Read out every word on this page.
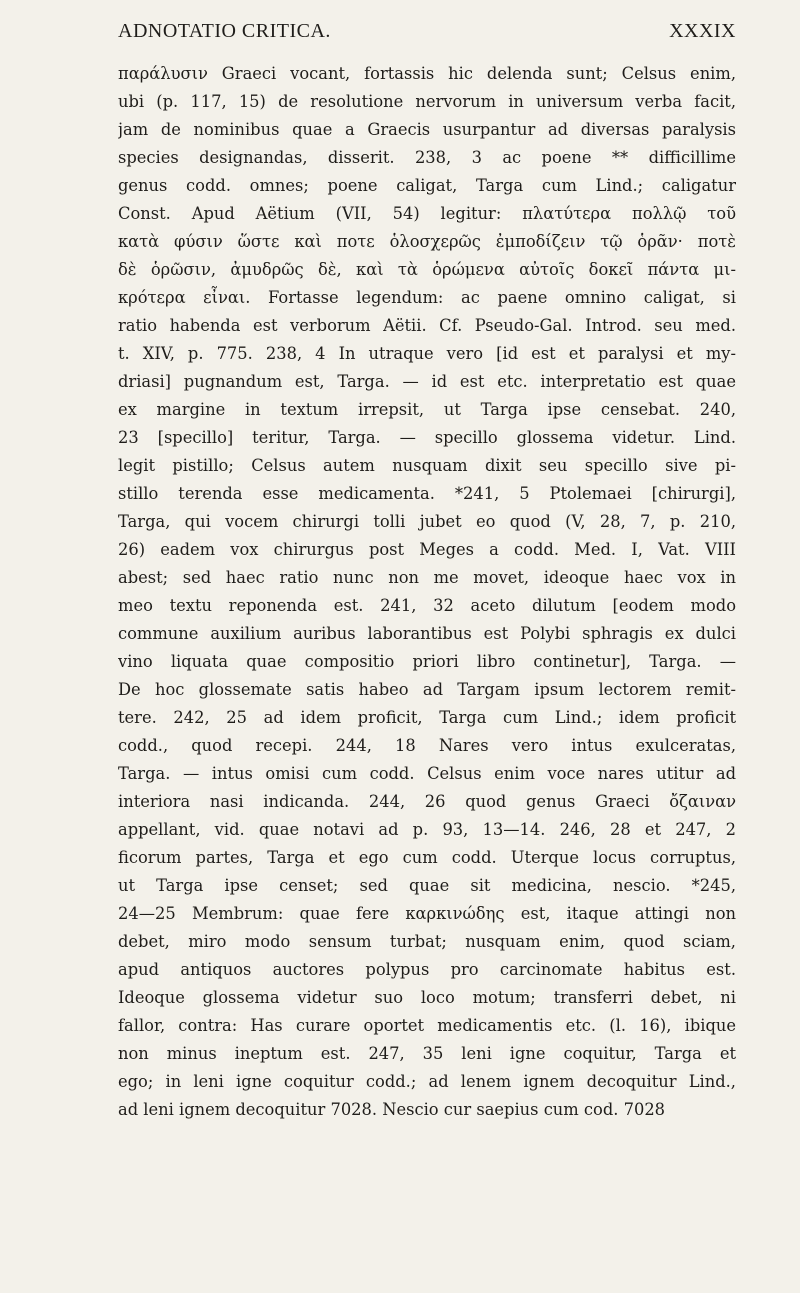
ADNOTATIO CRITICA.	XXXIX
παράλυσιν Graeci vocant, fortassis hic delenda sunt; Celsus enim,
ubi (p. 117, 15) de resolutione nervorum in universum verba facit,
jam de nominibus quae a Graecis usurpantur ad diversas paralysis
species designandas, disserit. 238, 3 ac poene ** difficillime
genus codd. omnes; poene caligat, Targa cum Lind.; caligatur
Const. Apud Aëtium (VII, 54) legitur: πλατύτερα πολλῷ τοῦ
κατὰ φύσιν ὥστε καὶ ποτε ὁλοσχερῶς ἐμποδίζειν τῷ ὁρᾶν· ποτὲ
δὲ ὁρῶσιν, ἀμυδρῶς δὲ, καὶ τὰ ὁρώμενα αὐτοῖς δοκεῖ πάντα μι-
κρότερα εἶναι. Fortasse legendum: ac paene omnino caligat, si
ratio habenda est verborum Aëtii. Cf. Pseudo-Gal. Introd. seu med.
t. XIV, p. 775. 238, 4 In utraque vero [id est et paralysi et my-
driasi] pugnandum est, Targa. — id est etc. interpretatio est quae
ex margine in textum irrepsit, ut Targa ipse censebat. 240,
23 [specillo] teritur, Targa. — specillo glossema videtur. Lind.
legit pistillo; Celsus autem nusquam dixit seu specillo sive pi-
stillo terenda esse medicamenta. *241, 5 Ptolemaei [chirurgi],
Targa, qui vocem chirurgi tolli jubet eo quod (V, 28, 7, p. 210,
26) eadem vox chirurgus post Meges a codd. Med. I, Vat. VIII
abest; sed haec ratio nunc non me movet, ideoque haec vox in
meo textu reponenda est. 241, 32 aceto dilutum [eodem modo
commune auxilium auribus laborantibus est Polybi sphragis ex dulci
vino liquata quae compositio priori libro continetur], Targa. —
De hoc glossemate satis habeo ad Targam ipsum lectorem remit-
tere. 242, 25 ad idem proficit, Targa cum Lind.; idem proficit
codd., quod recepi. 244, 18 Nares vero intus exulceratas,
Targa. — intus omisi cum codd. Celsus enim voce nares utitur ad
interiora nasi indicanda. 244, 26 quod genus Graeci ὄζαιναν
appellant, vid. quae notavi ad p. 93, 13—14. 246, 28 et 247, 2
ficorum partes, Targa et ego cum codd. Uterque locus corruptus,
ut Targa ipse censet; sed quae sit medicina, nescio. *245,
24—25 Membrum: quae fere καρκινώδης est, itaque attingi non
debet, miro modo sensum turbat; nusquam enim, quod sciam,
apud antiquos auctores polypus pro carcinomate habitus est.
Ideoque glossema videtur suo loco motum; transferri debet, ni
fallor, contra: Has curare oportet medicamentis etc. (l. 16), ibique
non minus ineptum est. 247, 35 leni igne coquitur, Targa et
ego; in leni igne coquitur codd.; ad lenem ignem decoquitur Lind.,
ad leni ignem decoquitur 7028. Nescio cur saepius cum cod. 7028
